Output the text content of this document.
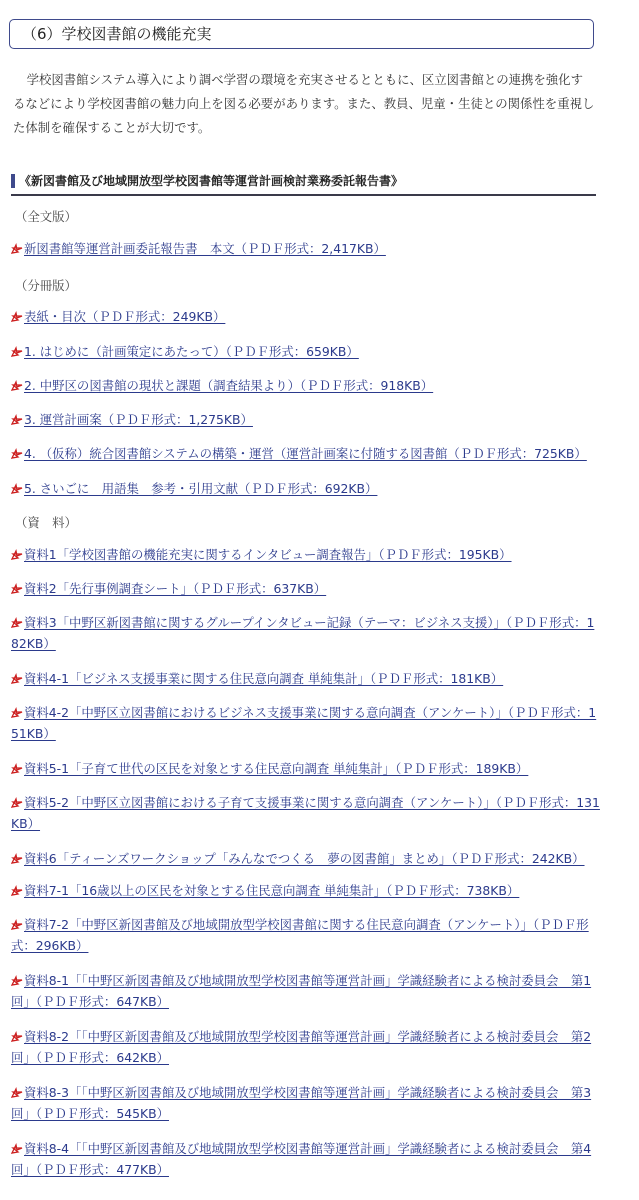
（6）学校図書館の機能充実

学校図書館システム導入により調べ学習の環境を充実させるとともに、区立図書館との連携を強化するなどにより学校図書館の魅力向上を図る必要があります。また、教員、児童・生徒との関係性を重視した体制を確保することが大切です。

《新図書館及び地域開放型学校図書館等運営計画検討業務委託報告書》
（全文版）
新図書館等運営計画委託報告書　本文（ＰＤＦ形式：2,417KB）
（分冊版）
表紙・目次（ＰＤＦ形式：249KB）
1. はじめに（計画策定にあたって）（ＰＤＦ形式：659KB）
2. 中野区の図書館の現状と課題（調査結果より）（ＰＤＦ形式：918KB）
3. 運営計画案（ＰＤＦ形式：1,275KB）
4. （仮称）統合図書館システムの構築・運営（運営計画案に付随する図書館（ＰＤＦ形式：725KB）
5. さいごに　用語集　参考・引用文献（ＰＤＦ形式：692KB）
（資　料）
資料1「学校図書館の機能充実に関するインタビュー調査報告」（ＰＤＦ形式：195KB）
資料2「先行事例調査シート」（ＰＤＦ形式：637KB）
資料3「中野区新図書館に関するグループインタビュー記録（テーマ：ビジネス支援）」（ＰＤＦ形式：182KB）
資料4-1「ビジネス支援事業に関する住民意向調査 単純集計」（ＰＤＦ形式：181KB）
資料4-2「中野区立図書館におけるビジネス支援事業に関する意向調査（アンケート）」（ＰＤＦ形式：151KB）
資料5-1「子育て世代の区民を対象とする住民意向調査 単純集計」（ＰＤＦ形式：189KB）
資料5-2「中野区立図書館における子育て支援事業に関する意向調査（アンケート）」（ＰＤＦ形式：131KB）
資料6「ティーンズワークショップ「みんなでつくる　夢の図書館」まとめ」（ＰＤＦ形式：242KB）
資料7-1「16歳以上の区民を対象とする住民意向調査 単純集計」（ＰＤＦ形式：738KB）
資料7-2「中野区新図書館及び地域開放型学校図書館に関する住民意向調査（アンケート）」（ＰＤＦ形式：296KB）
資料8-1「「中野区新図書館及び地域開放型学校図書館等運営計画」学識経験者による検討委員会　第1回」（ＰＤＦ形式：647KB）
資料8-2「「中野区新図書館及び地域開放型学校図書館等運営計画」学識経験者による検討委員会　第2回」（ＰＤＦ形式：642KB）
資料8-3「「中野区新図書館及び地域開放型学校図書館等運営計画」学識経験者による検討委員会　第3回」（ＰＤＦ形式：545KB）
資料8-4「「中野区新図書館及び地域開放型学校図書館等運営計画」学識経験者による検討委員会　第4回」（ＰＤＦ形式：477KB）
